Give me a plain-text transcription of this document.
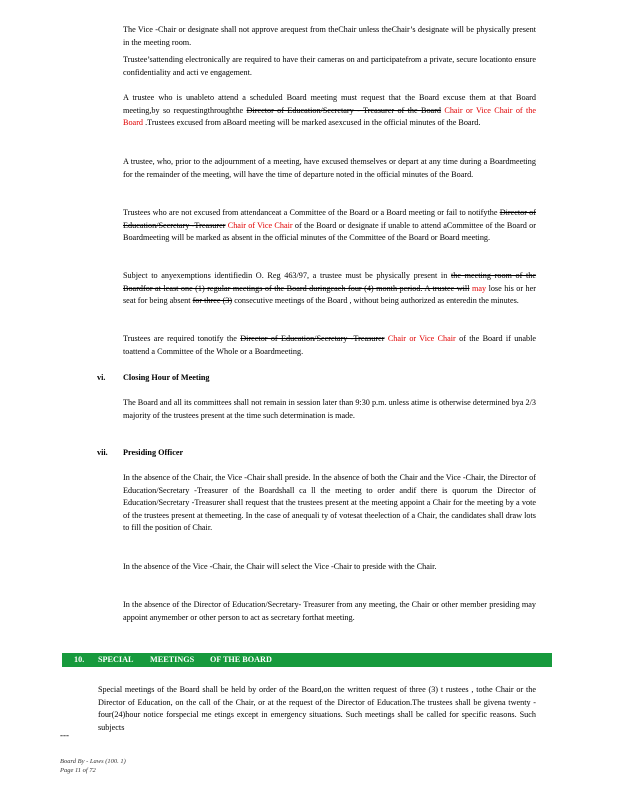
The Vice -Chair or designate shall not approve arequest from theChair unless theChair’s designate will be physically present in the meeting room.

Trustee’sattending electronically are required to have their cameras on and participatefrom a private, secure locationto ensure confidentiality and acti ve engagement.

A trustee who is unableto attend a scheduled Board meeting must request that the Board excuse them at that Board meeting,by so requestingthroughthe Director of Education/Secretary - Treasurer of the Board Chair or Vice Chair of the Board .Trustees excused from aBoard meeting will be marked asexcused in the official minutes of the Board.

A trustee, who, prior to the adjournment of a meeting, have excused themselves or depart at any time during a Boardmeeting for the remainder of the meeting, will have the time of departure noted in the official minutes of the Board.

Trustees who are not excused from attendanceat a Committee of the Board or a Board meeting or fail to notifythe Director of Education/Secretary -Treasurer Chair of Vice Chair of the Board or designate if unable to attend aCommittee of the Board or Boardmeeting will be marked as absent in the official minutes of the Committee of the Board or Board meeting.

Subject to anyexemptions identifiedin O. Reg 463/97, a trustee must be physically present in the meeting room of the Boardfor at least one (1) regular meetings of the Board duringeach four (4) month period. A trustee will may lose his or her seat for being absent for three (3) consecutive meetings of the Board , without being authorized as enteredin the minutes.

Trustees are required tonotify the Director of Education/Secretary -Treasurer Chair or Vice Chair of the Board if unable toattend a Committee of the Whole or a Boardmeeting.

vi. Closing Hour of Meeting

The Board and all its committees shall not remain in session later than 9:30 p.m. unless atime is otherwise determined bya 2/3 majority of the trustees present at the time such determination is made.

vii. Presiding Officer

In the absence of the Chair, the Vice -Chair shall preside. In the absence of both the Chair and the Vice -Chair, the Director of Education/Secretary -Treasurer of the Boardshall ca ll the meeting to order andif there is quorum the Director of Education/Secretary -Treasurer shall request that the trustees present at the meeting appoint a Chair for the meeting by a vote of the trustees present at themeeting. In the case of anequali ty of votesat theelection of a Chair, the candidates shall draw lots to fill the position of Chair.

In the absence of the Vice -Chair, the Chair will select the Vice -Chair to preside with the Chair.

In the absence of the Director of Education/Secretary- Treasurer from any meeting, the Chair or other member presiding may appoint anymember or other person to act as secretary forthat meeting.

10. SPECIAL MEETINGS OF THE BOARD

Special meetings of the Board shall be held by order of the Board,on the written request of three (3) t rustees , tothe Chair or the Director of Education, on the call of the Chair, or at the request of the Director of Education.The trustees shall be givena twenty - four(24)hour notice forspecial me etings except in emergency situations. Such meetings shall be called for specific reasons. Such subjects

---
Board By - Laws (100. 1)
Page 11 of 72
